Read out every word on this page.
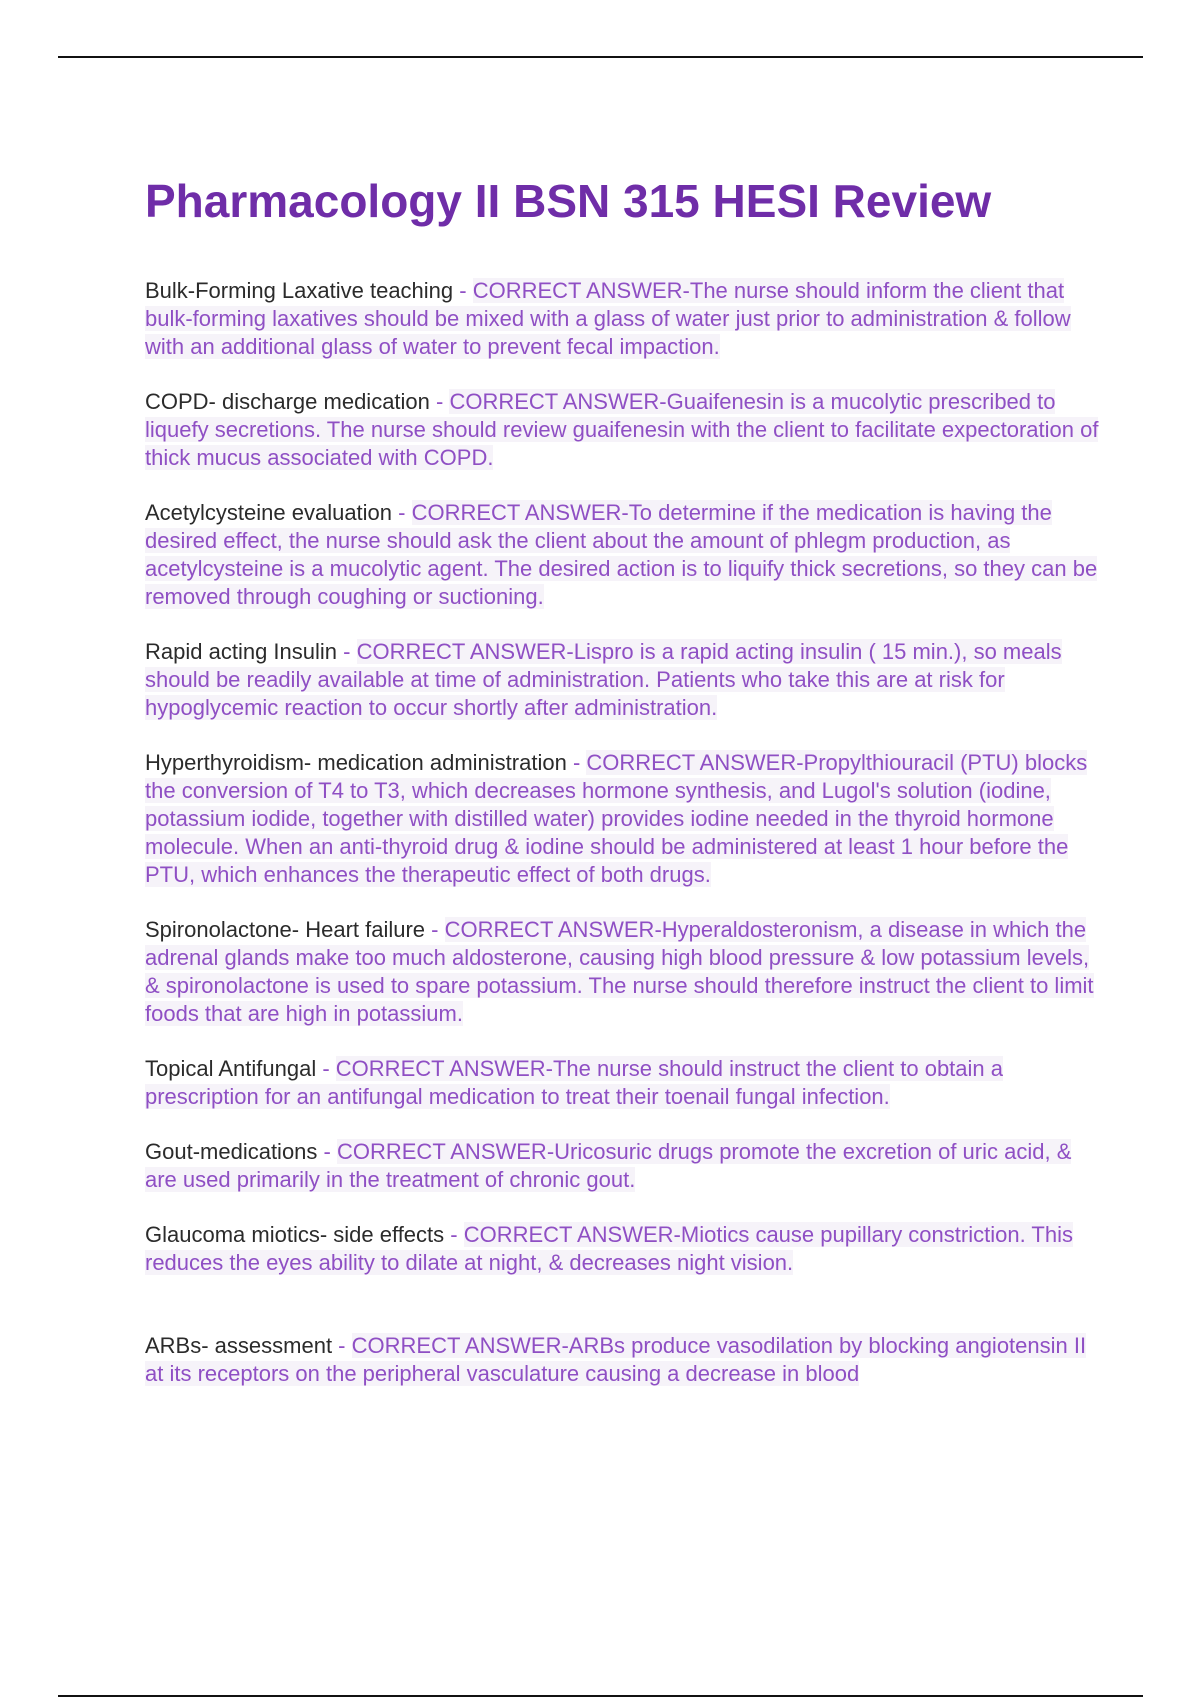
Pharmacology II BSN 315 HESI Review

Bulk-Forming Laxative teaching - CORRECT ANSWER-The nurse should inform the client that bulk-forming laxatives should be mixed with a glass of water just prior to administration & follow with an additional glass of water to prevent fecal impaction.

COPD- discharge medication - CORRECT ANSWER-Guaifenesin is a mucolytic prescribed to liquefy secretions. The nurse should review guaifenesin with the client to facilitate expectoration of thick mucus associated with COPD.

Acetylcysteine evaluation - CORRECT ANSWER-To determine if the medication is having the desired effect, the nurse should ask the client about the amount of phlegm production, as acetylcysteine is a mucolytic agent. The desired action is to liquify thick secretions, so they can be removed through coughing or suctioning.

Rapid acting Insulin - CORRECT ANSWER-Lispro is a rapid acting insulin ( 15 min.), so meals should be readily available at time of administration. Patients who take this are at risk for hypoglycemic reaction to occur shortly after administration.

Hyperthyroidism- medication administration - CORRECT ANSWER-Propylthiouracil (PTU) blocks the conversion of T4 to T3, which decreases hormone synthesis, and Lugol's solution (iodine, potassium iodide, together with distilled water) provides iodine needed in the thyroid hormone molecule. When an anti-thyroid drug & iodine should be administered at least 1 hour before the PTU, which enhances the therapeutic effect of both drugs.

Spironolactone- Heart failure - CORRECT ANSWER-Hyperaldosteronism, a disease in which the adrenal glands make too much aldosterone, causing high blood pressure & low potassium levels, & spironolactone is used to spare potassium. The nurse should therefore instruct the client to limit foods that are high in potassium.

Topical Antifungal - CORRECT ANSWER-The nurse should instruct the client to obtain a prescription for an antifungal medication to treat their toenail fungal infection.

Gout-medications - CORRECT ANSWER-Uricosuric drugs promote the excretion of uric acid, & are used primarily in the treatment of chronic gout.

Glaucoma miotics- side effects - CORRECT ANSWER-Miotics cause pupillary constriction. This reduces the eyes ability to dilate at night, & decreases night vision.

ARBs- assessment - CORRECT ANSWER-ARBs produce vasodilation by blocking angiotensin II at its receptors on the peripheral vasculature causing a decrease in blood
